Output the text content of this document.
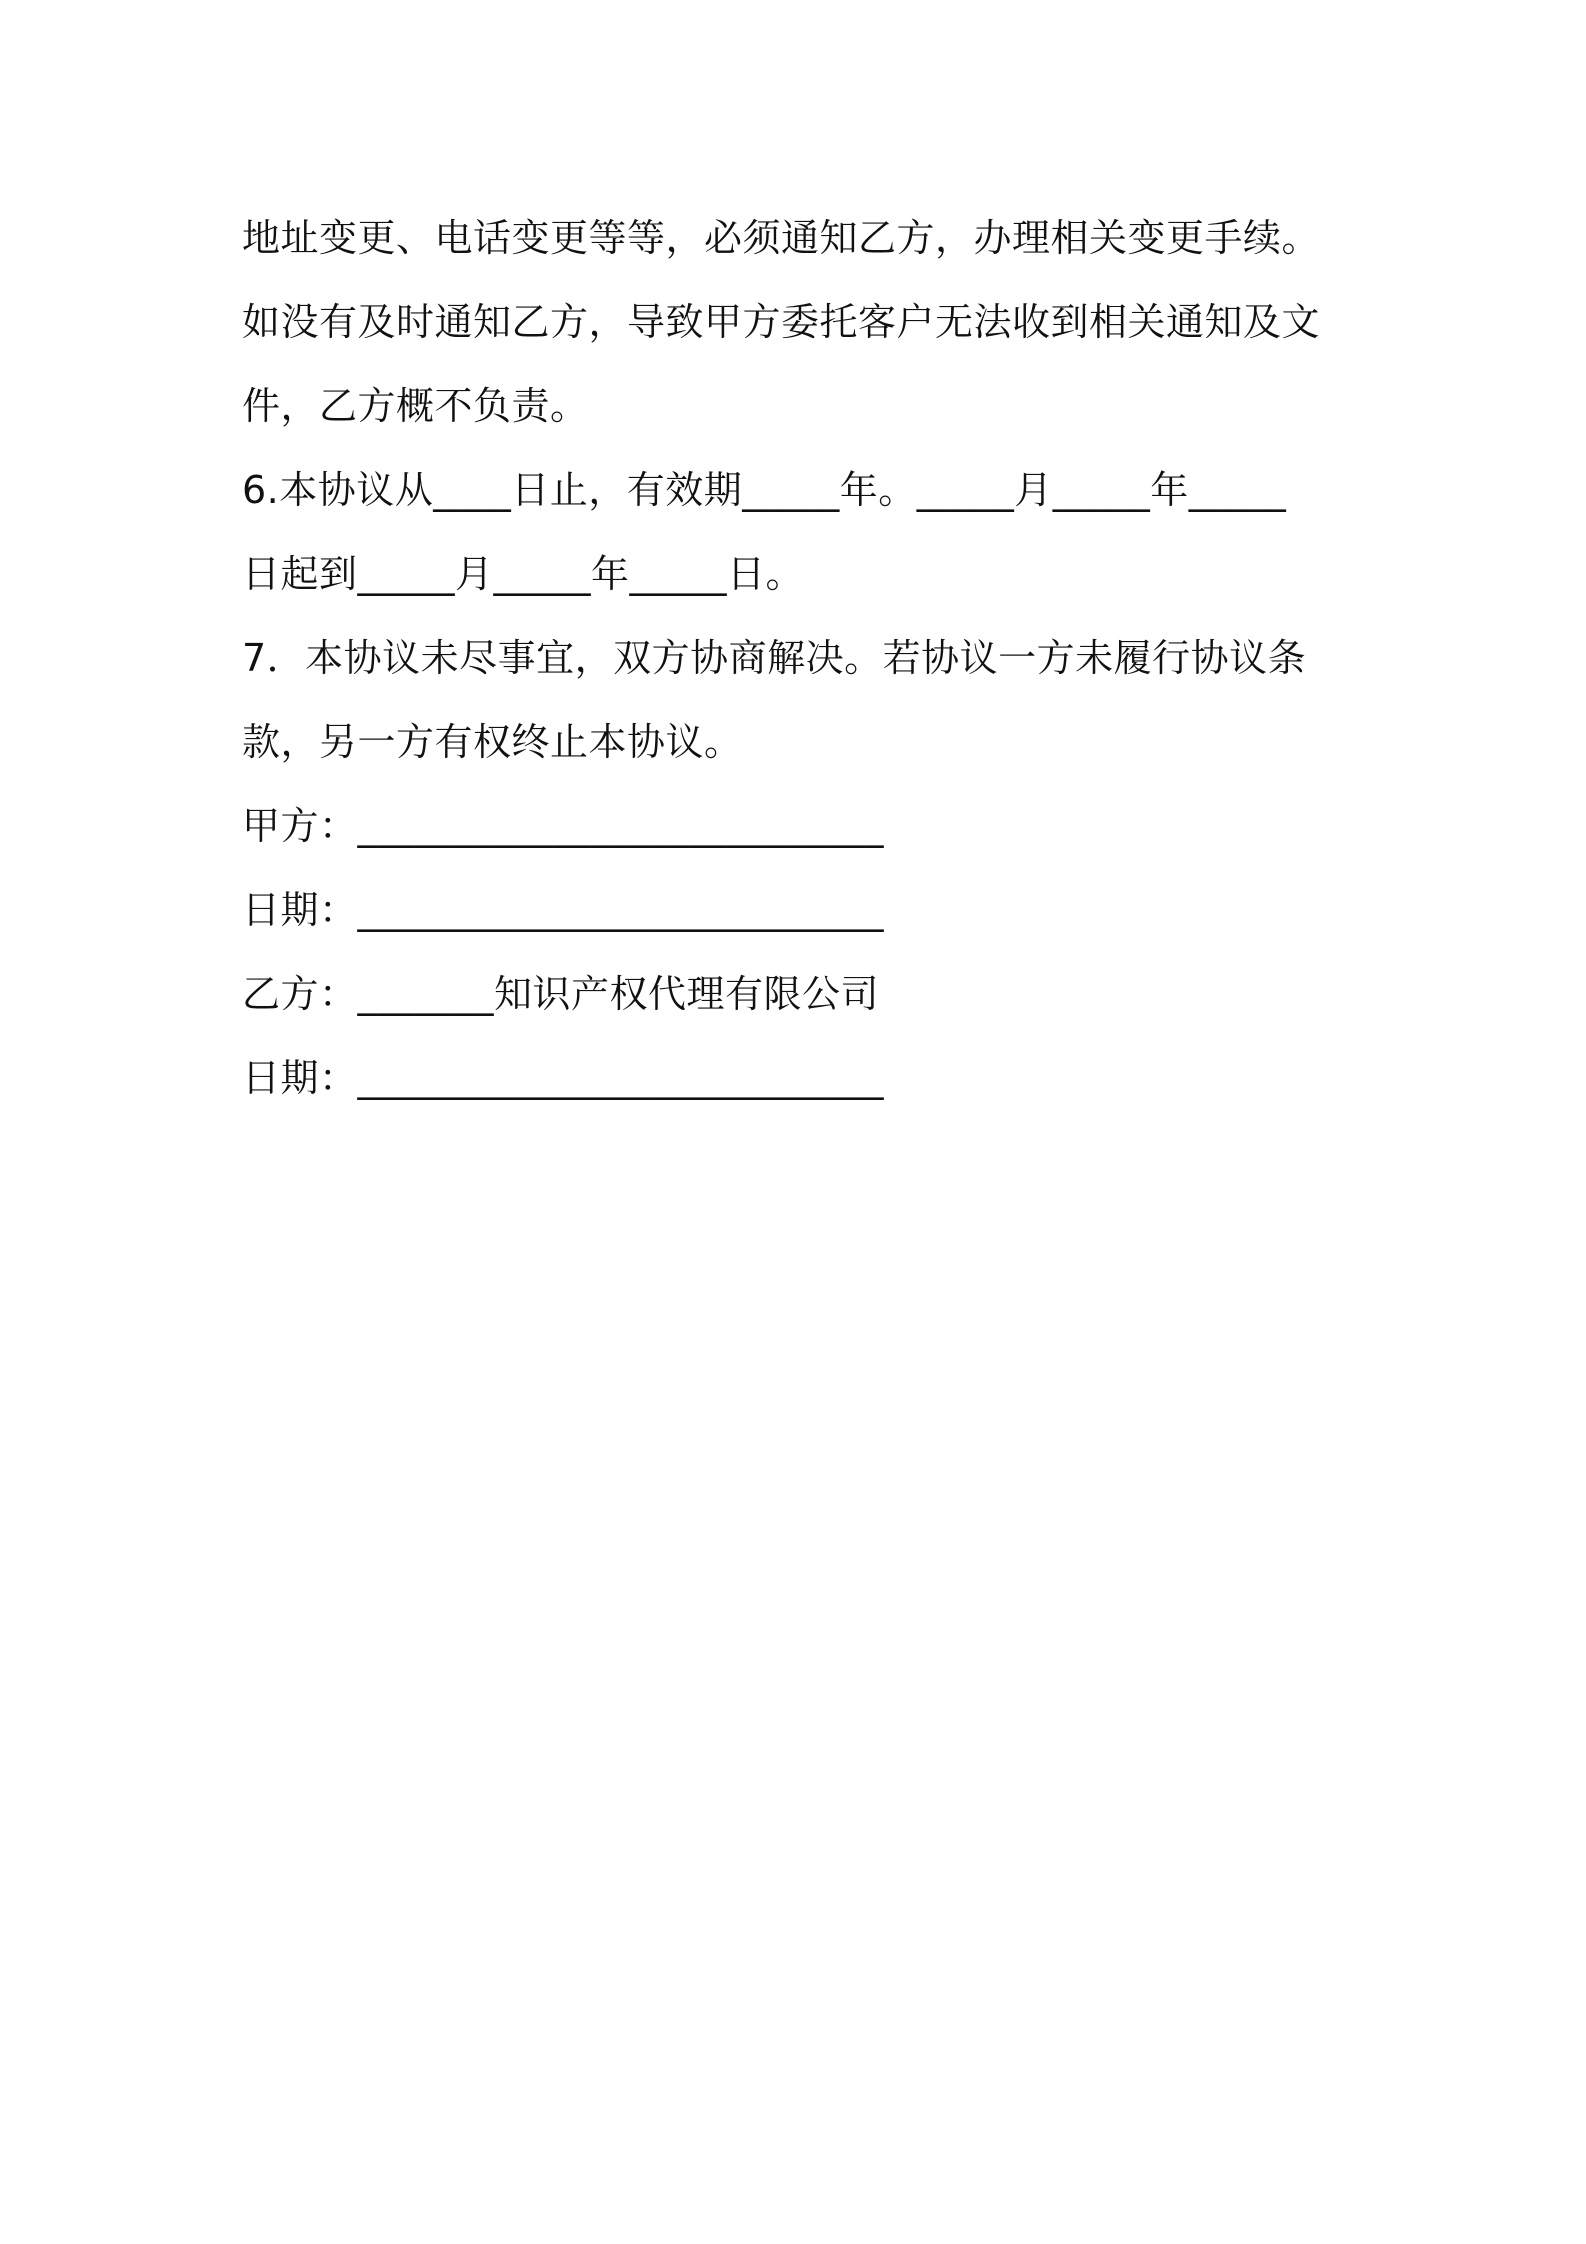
地址变更、电话变更等等，必须通知乙方，办理相关变更手续。
如没有及时通知乙方，导致甲方委托客户无法收到相关通知及文
件，乙方概不负责。
6.本协议从____日止，有效期_____年。_____月_____年_____
日起到_____月_____年_____日。
7．本协议未尽事宜，双方协商解决。若协议一方未履行协议条
款，另一方有权终止本协议。
甲方：___________________________
日期：___________________________
乙方：_______知识产权代理有限公司
日期：___________________________
